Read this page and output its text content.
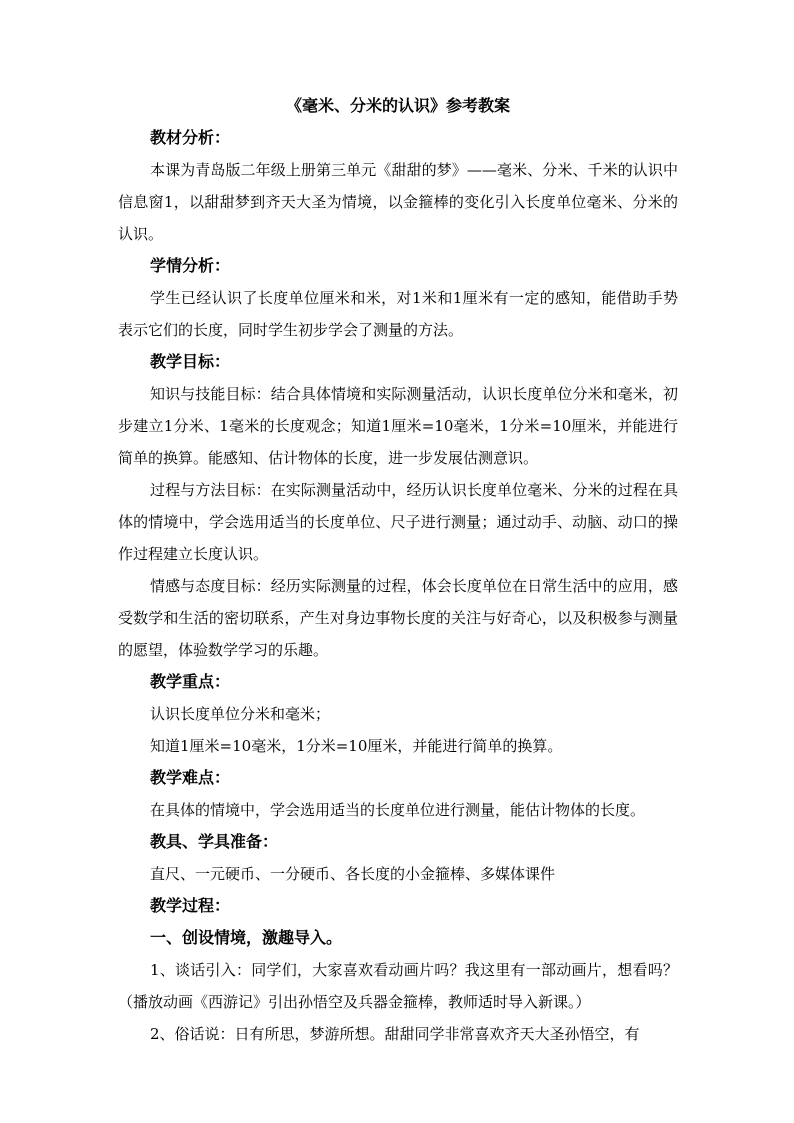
《毫米、分米的认识》参考教案

教材分析：

本课为青岛版二年级上册第三单元《甜甜的梦》——毫米、分米、千米的认识中信息窗1，以甜甜梦到齐天大圣为情境，以金箍棒的变化引入长度单位毫米、分米的认识。

学情分析：

学生已经认识了长度单位厘米和米，对1米和1厘米有一定的感知，能借助手势表示它们的长度，同时学生初步学会了测量的方法。

教学目标：

知识与技能目标：结合具体情境和实际测量活动，认识长度单位分米和毫米，初步建立1分米、1毫米的长度观念；知道1厘米=10毫米，1分米=10厘米，并能进行简单的换算。能感知、估计物体的长度，进一步发展估测意识。

过程与方法目标：在实际测量活动中，经历认识长度单位毫米、分米的过程在具体的情境中，学会选用适当的长度单位、尺子进行测量；通过动手、动脑、动口的操作过程建立长度认识。

情感与态度目标：经历实际测量的过程，体会长度单位在日常生活中的应用，感受数学和生活的密切联系，产生对身边事物长度的关注与好奇心，以及积极参与测量的愿望，体验数学学习的乐趣。

教学重点：

认识长度单位分米和毫米；

知道1厘米=10毫米，1分米=10厘米，并能进行简单的换算。

教学难点：

在具体的情境中，学会选用适当的长度单位进行测量，能估计物体的长度。

教具、学具准备：

直尺、一元硬币、一分硬币、各长度的小金箍棒、多媒体课件

教学过程：

一、创设情境，激趣导入。

1、谈话引入：同学们，大家喜欢看动画片吗？我这里有一部动画片，想看吗？（播放动画《西游记》引出孙悟空及兵器金箍棒，教师适时导入新课。）

2、俗话说：日有所思，梦游所想。甜甜同学非常喜欢齐天大圣孙悟空，有
